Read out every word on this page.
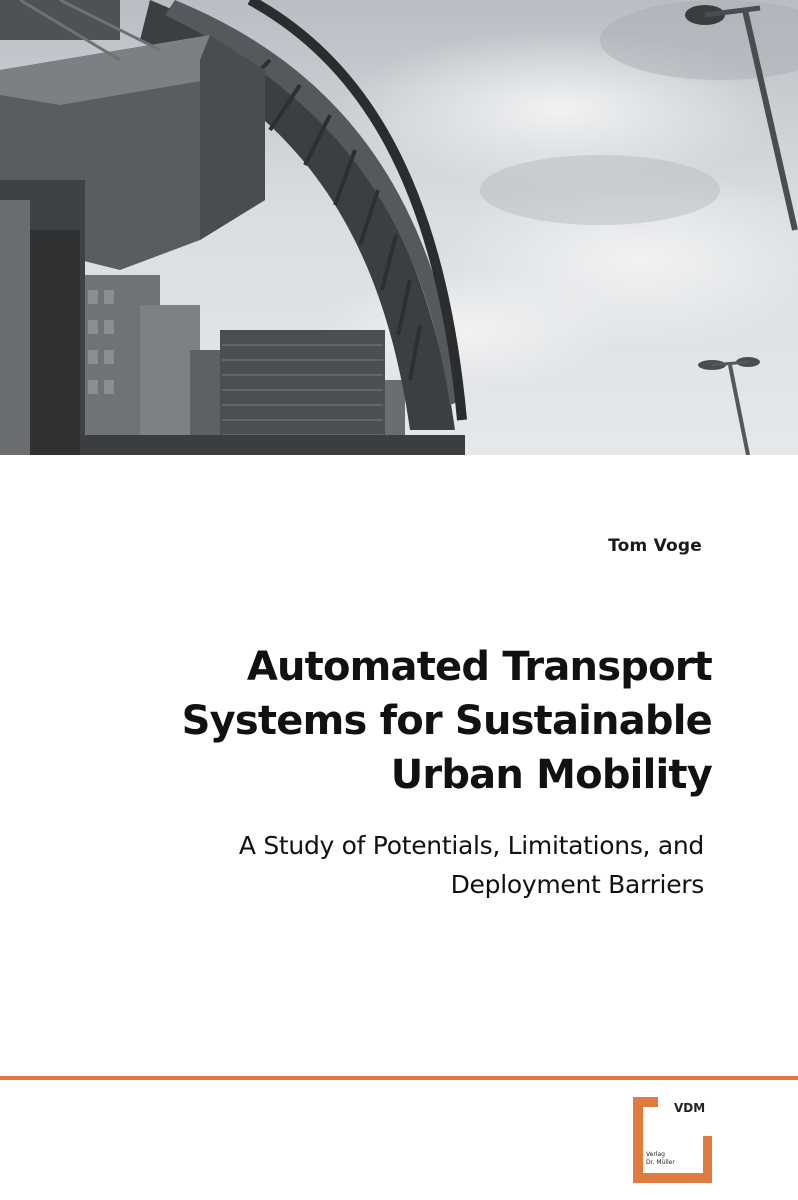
Tom Voge
Automated Transport
Systems for Sustainable
Urban Mobility
A Study of Potentials, Limitations, and
Deployment Barriers
VDM
Verlag
Dr. Müller
